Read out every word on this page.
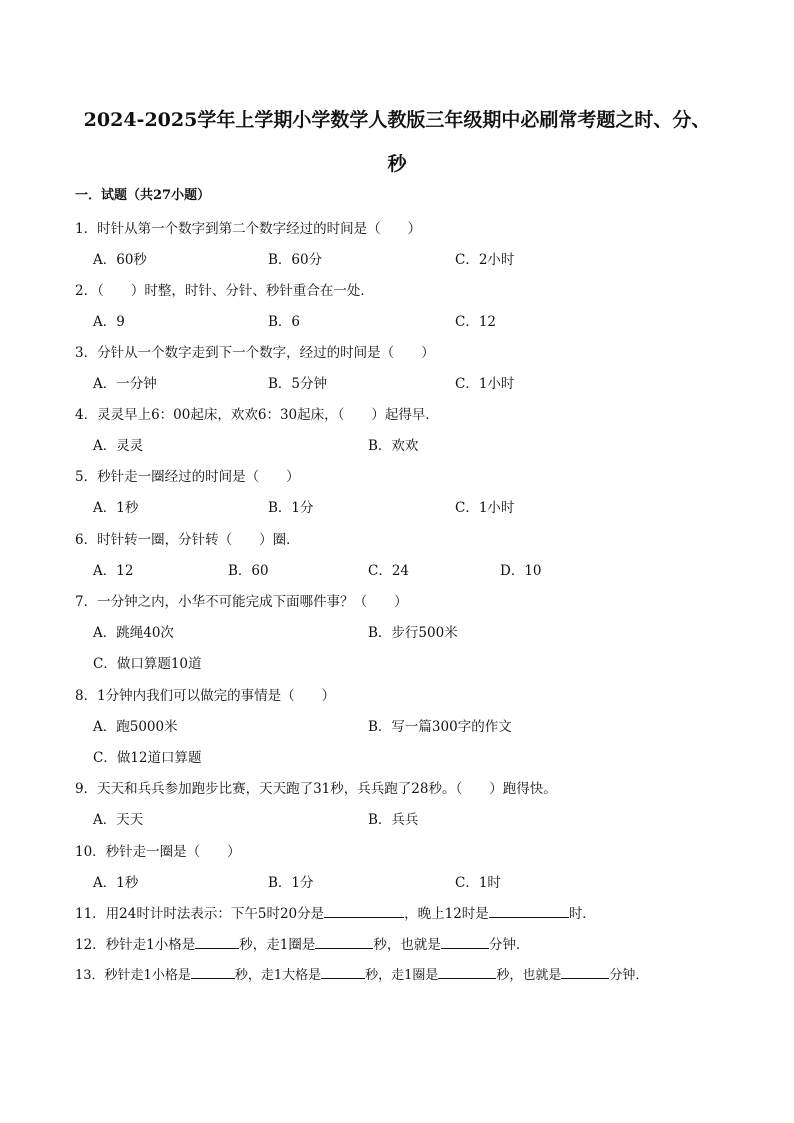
2024-2025学年上学期小学数学人教版三年级期中必刷常考题之时、分、
秒
一．试题（共27小题）
1．时针从第一个数字到第二个数字经过的时间是（　　）
A．60秒	B．60分	C．2小时
2．（　　）时整，时针、分针、秒针重合在一处．
A．9	B．6	C．12
3．分针从一个数字走到下一个数字，经过的时间是（　　）
A．一分钟	B．5分钟	C．1小时
4．灵灵早上6：00起床，欢欢6：30起床，（　　）起得早．
A．灵灵	B．欢欢
5．秒针走一圈经过的时间是（　　）
A．1秒	B．1分	C．1小时
6．时针转一圈，分针转（　　）圈．
A．12	B．60	C．24	D．10
7．一分钟之内，小华不可能完成下面哪件事？（　　）
A．跳绳40次	B．步行500米
C．做口算题10道
8．1分钟内我们可以做完的事情是（　　）
A．跑5000米	B．写一篇300字的作文
C．做12道口算题
9．天天和兵兵参加跑步比赛，天天跑了31秒，兵兵跑了28秒。（　　）跑得快。
A．天天	B．兵兵
10．秒针走一圈是（　　）
A．1秒	B．1分	C．1时
11．用24时计时法表示：下午5时20分是	，晚上12时是	时．
12．秒针走1小格是	秒，走1圈是	秒，也就是	分钟．
13．秒针走1小格是	秒，走1大格是	秒，走1圈是	秒，也就是	分钟．
